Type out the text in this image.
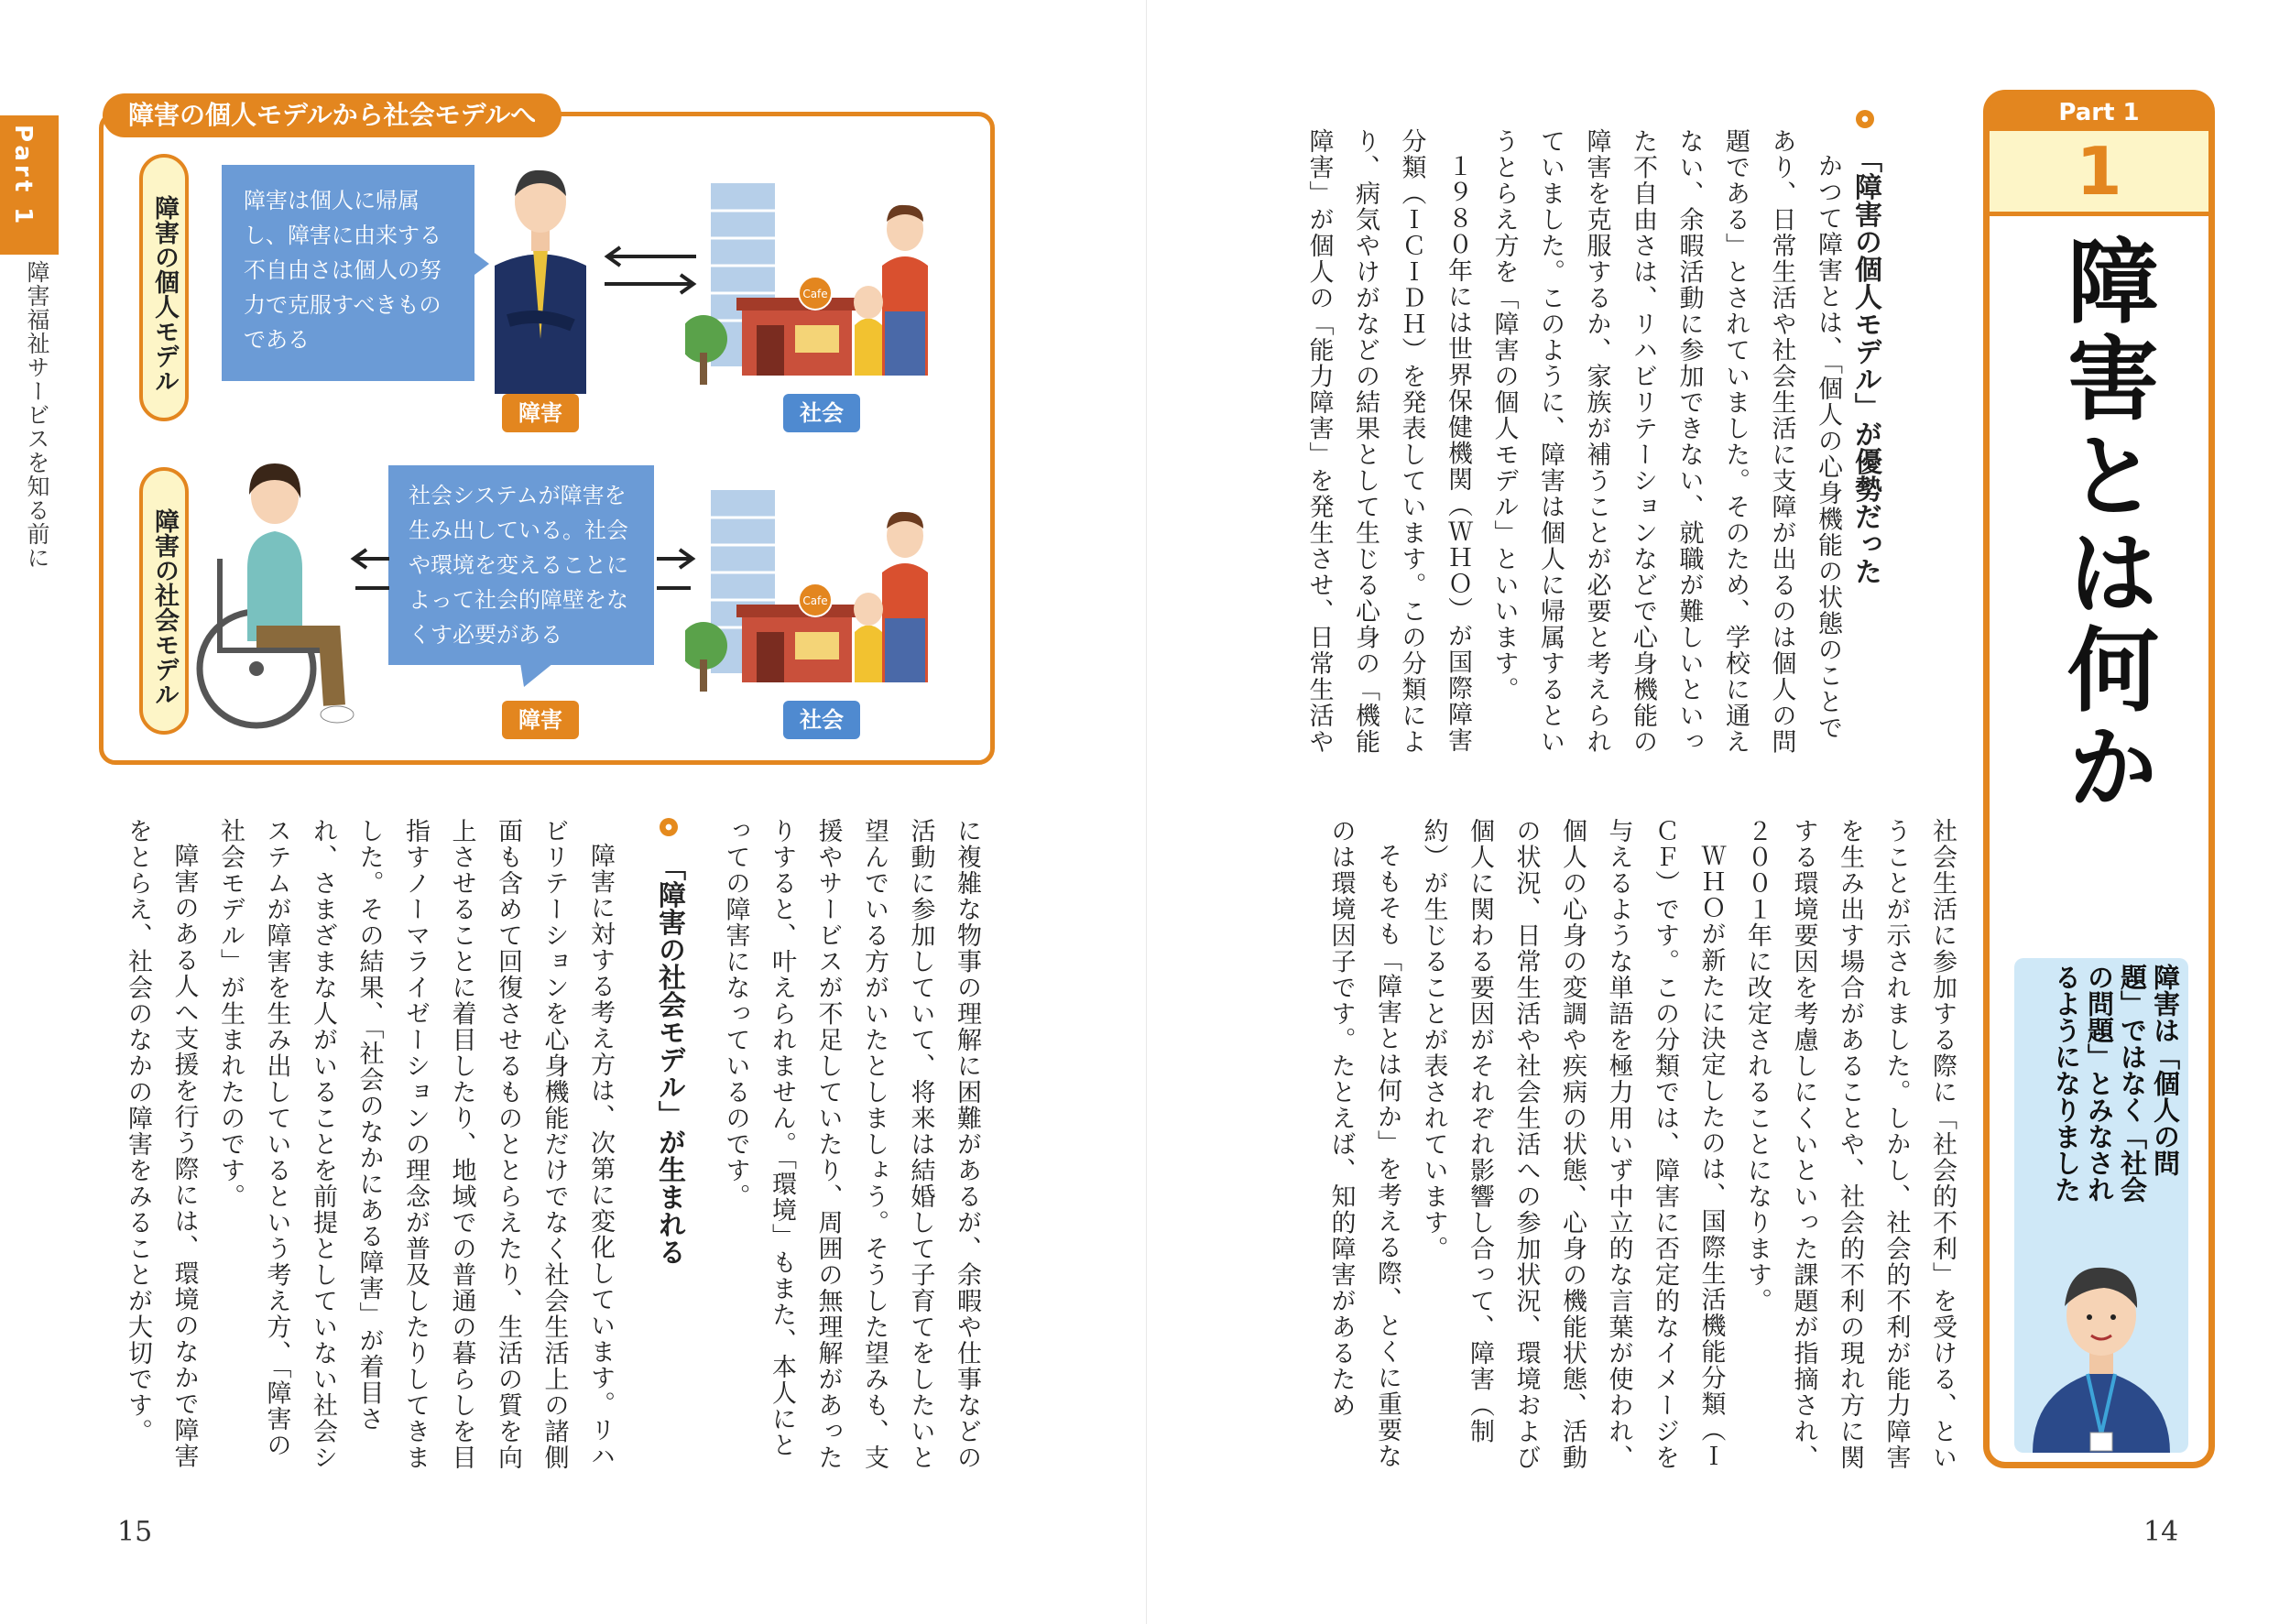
Part 1
1
障害とは何か
障害は「個人の問題」ではなく「社会の問題」とみなされるようになりました
「障害の個人モデル」が優勢だった

かつて障害とは、「個人の心身機能の状態のことであり、日常生活や社会生活に支障が出るのは個人の問題である」とされていました。そのため、学校に通えない、余暇活動に参加できない、就職が難しいといった不自由さは、リハビリテーションなどで心身機能の障害を克服するか、家族が補うことが必要と考えられていました。このように、障害は個人に帰属するというとらえ方を「障害の個人モデル」といいます。

１９８０年には世界保健機関（ＷＨＯ）が国際障害分類（ＩＣＩＤＨ）を発表しています。この分類により、病気やけがなどの結果として生じる心身の「機能障害」が個人の「能力障害」を発生させ、日常生活や

社会生活に参加する際に「社会的不利」を受ける、ということが示されました。しかし、社会的不利が能力障害を生み出す場合があることや、社会的不利の現れ方に関する環境要因を考慮しにくいといった課題が指摘され、２００１年に改定されることになります。

ＷＨＯが新たに決定したのは、国際生活機能分類（ＩＣＦ）です。この分類では、障害に否定的なイメージを与えるような単語を極力用いず中立的な言葉が使われ、個人の心身の変調や疾病の状態、心身の機能状態、活動の状況、日常生活や社会生活への参加状況、環境および個人に関わる要因がそれぞれ影響し合って、障害（制約）が生じることが表されています。

そもそも「障害とは何か」を考える際、とくに重要なのは環境因子です。たとえば、知的障害があるため

14
Part 1
障害福祉サービスを知る前に
障害の個人モデルから社会モデルへ
障害の個人モデル	障害は個人に帰属し、障害に由来する不自由さは個人の努力で克服すべきものである
Cafe
障害	社会
障害の社会モデル
社会システムが障害を生み出している。社会や環境を変えることによって社会的障壁をなくす必要がある
Cafe
障害	社会

に複雑な物事の理解に困難があるが、余暇や仕事などの活動に参加していて、将来は結婚して子育てをしたいと望んでいる方がいたとしましょう。そうした望みも、支援やサービスが不足していたり、周囲の無理解があったりすると、叶えられません。「環境」もまた、本人にとっての障害になっているのです。

「障害の社会モデル」が生まれる

障害に対する考え方は、次第に変化しています。リハビリテーションを心身機能だけでなく社会生活上の諸側面も含めて回復させるものととらえたり、生活の質を向上させることに着目したり、地域での普通の暮らしを目指すノーマライゼーションの理念が普及したりしてきました。その結果、「社会のなかにある障害」が着目され、さまざまな人がいることを前提としていない社会システムが障害を生み出しているという考え方、「障害の社会モデル」が生まれたのです。

障害のある人へ支援を行う際には、環境のなかで障害をとらえ、社会のなかの障害をみることが大切です。

15
